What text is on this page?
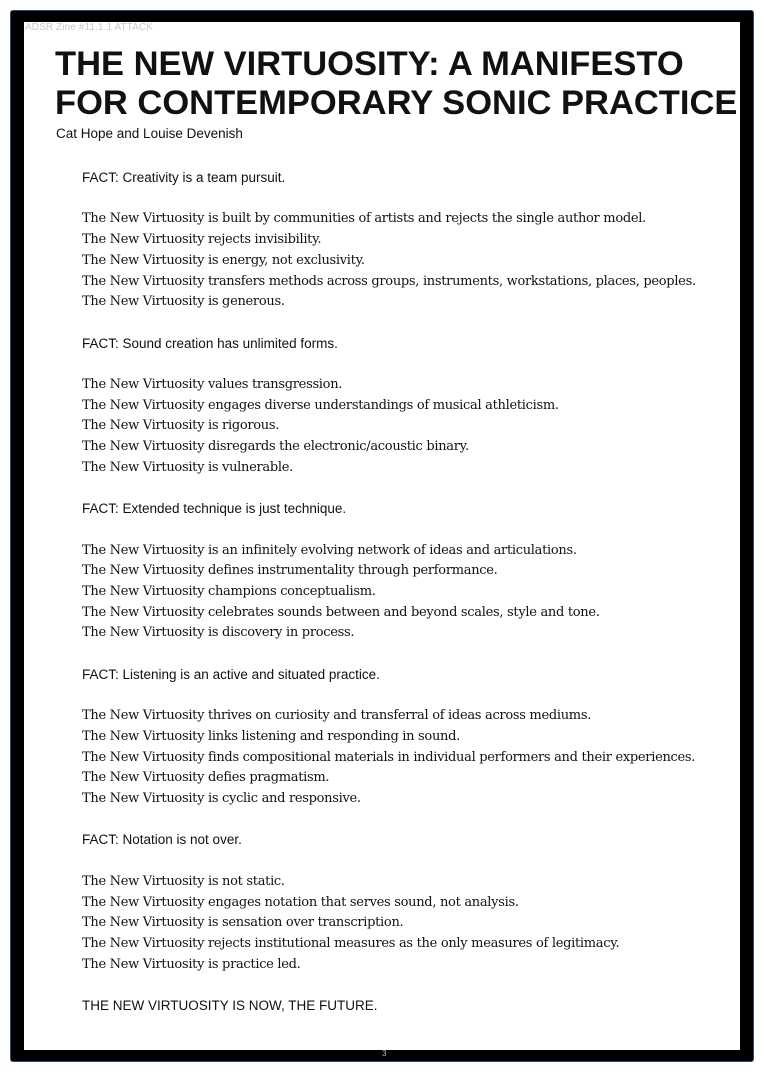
ADSR Zine #11.1.1 ATTACK
THE NEW VIRTUOSITY: A MANIFESTO
FOR CONTEMPORARY SONIC PRACTICE
Cat Hope and Louise Devenish
FACT: Creativity is a team pursuit.
The New Virtuosity is built by communities of artists and rejects the single author model.
The New Virtuosity rejects invisibility.
The New Virtuosity is energy, not exclusivity.
The New Virtuosity transfers methods across groups, instruments, workstations, places, peoples.
The New Virtuosity is generous.
FACT: Sound creation has unlimited forms.
The New Virtuosity values transgression.
The New Virtuosity engages diverse understandings of musical athleticism.
The New Virtuosity is rigorous.
The New Virtuosity disregards the electronic/acoustic binary.
The New Virtuosity is vulnerable.
FACT: Extended technique is just technique.
The New Virtuosity is an infinitely evolving network of ideas and articulations.
The New Virtuosity defines instrumentality through performance.
The New Virtuosity champions conceptualism.
The New Virtuosity celebrates sounds between and beyond scales, style and tone.
The New Virtuosity is discovery in process.
FACT: Listening is an active and situated practice.
The New Virtuosity thrives on curiosity and transferral of ideas across mediums.
The New Virtuosity links listening and responding in sound.
The New Virtuosity finds compositional materials in individual performers and their experiences.
The New Virtuosity defies pragmatism.
The New Virtuosity is cyclic and responsive.
FACT: Notation is not over.
The New Virtuosity is not static.
The New Virtuosity engages notation that serves sound, not analysis.
The New Virtuosity is sensation over transcription.
The New Virtuosity rejects institutional measures as the only measures of legitimacy.
The New Virtuosity is practice led.
THE NEW VIRTUOSITY IS NOW, THE FUTURE.
3
